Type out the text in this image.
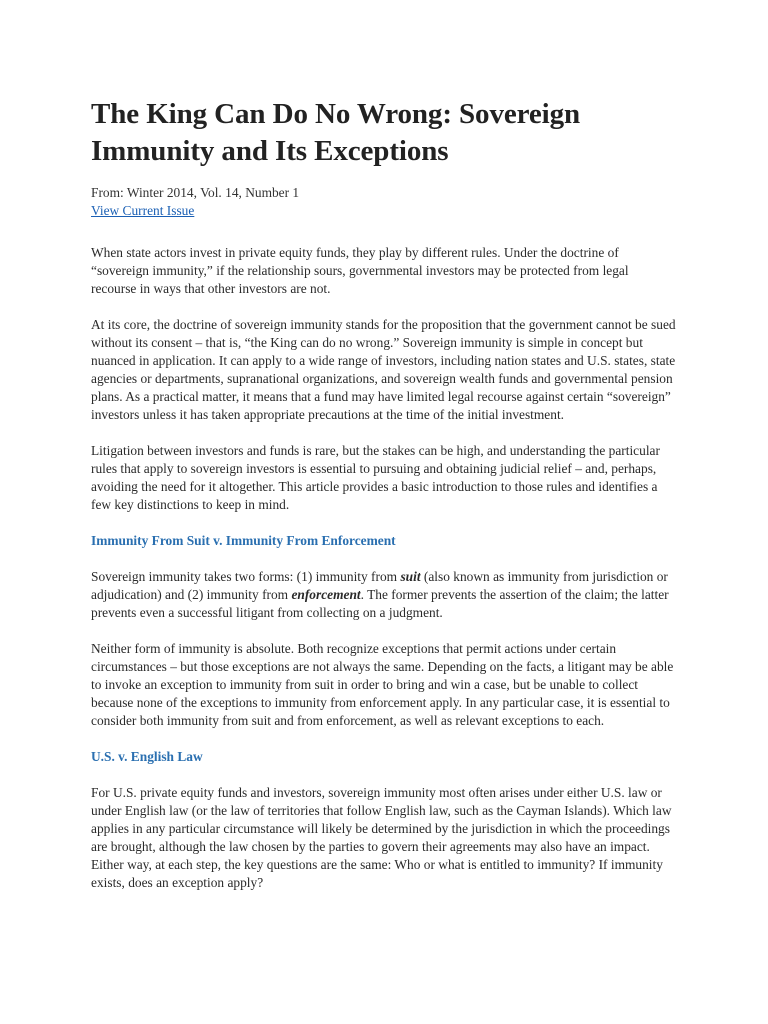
The King Can Do No Wrong: Sovereign Immunity and Its Exceptions
From: Winter 2014, Vol. 14, Number 1
View Current Issue

When state actors invest in private equity funds, they play by different rules. Under the doctrine of “sovereign immunity,” if the relationship sours, governmental investors may be protected from legal recourse in ways that other investors are not.

At its core, the doctrine of sovereign immunity stands for the proposition that the government cannot be sued without its consent – that is, “the King can do no wrong.” Sovereign immunity is simple in concept but nuanced in application. It can apply to a wide range of investors, including nation states and U.S. states, state agencies or departments, supranational organizations, and sovereign wealth funds and governmental pension plans. As a practical matter, it means that a fund may have limited legal recourse against certain “sovereign” investors unless it has taken appropriate precautions at the time of the initial investment.

Litigation between investors and funds is rare, but the stakes can be high, and understanding the particular rules that apply to sovereign investors is essential to pursuing and obtaining judicial relief – and, perhaps, avoiding the need for it altogether. This article provides a basic introduction to those rules and identifies a few key distinctions to keep in mind.

Immunity From Suit v. Immunity From Enforcement

Sovereign immunity takes two forms: (1) immunity from suit (also known as immunity from jurisdiction or adjudication) and (2) immunity from enforcement. The former prevents the assertion of the claim; the latter prevents even a successful litigant from collecting on a judgment.

Neither form of immunity is absolute. Both recognize exceptions that permit actions under certain circumstances – but those exceptions are not always the same. Depending on the facts, a litigant may be able to invoke an exception to immunity from suit in order to bring and win a case, but be unable to collect because none of the exceptions to immunity from enforcement apply. In any particular case, it is essential to consider both immunity from suit and from enforcement, as well as relevant exceptions to each.

U.S. v. English Law

For U.S. private equity funds and investors, sovereign immunity most often arises under either U.S. law or under English law (or the law of territories that follow English law, such as the Cayman Islands). Which law applies in any particular circumstance will likely be determined by the jurisdiction in which the proceedings are brought, although the law chosen by the parties to govern their agreements may also have an impact. Either way, at each step, the key questions are the same: Who or what is entitled to immunity? If immunity exists, does an exception apply?
